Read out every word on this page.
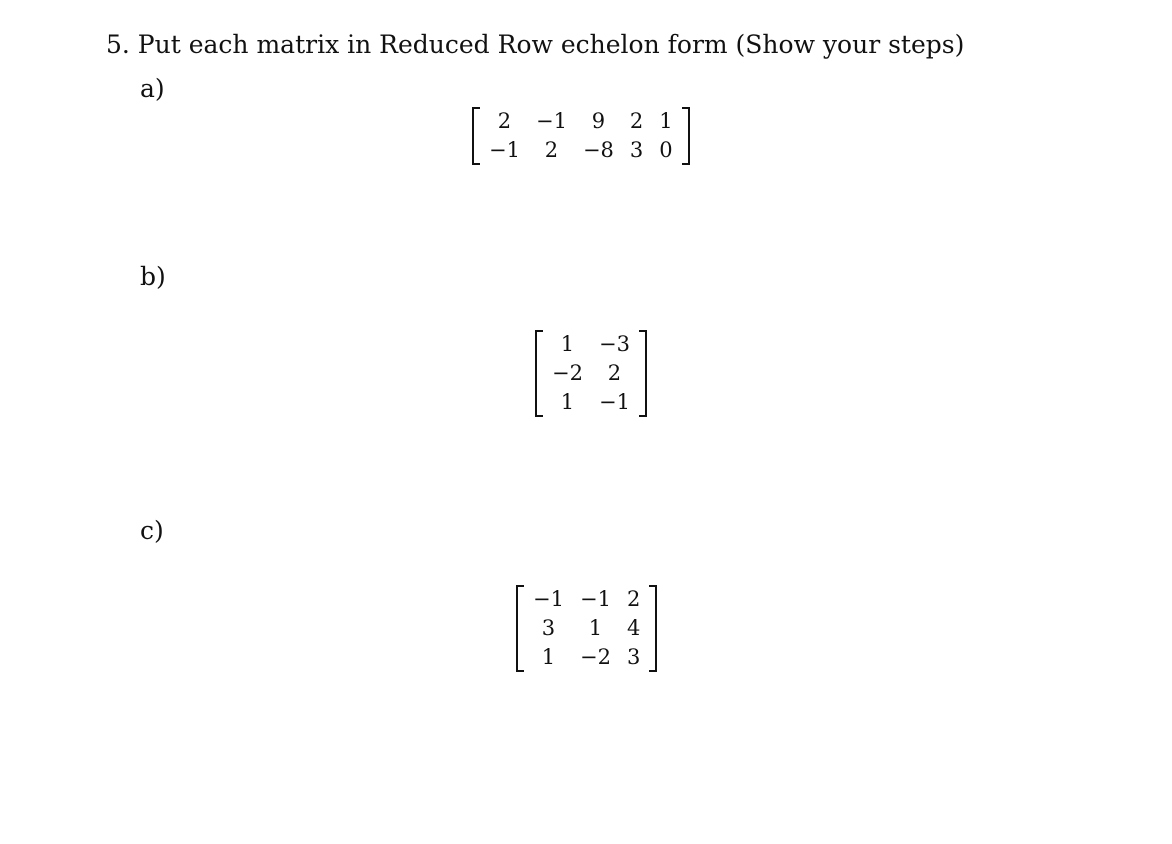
5. Put each matrix in Reduced Row echelon form (Show your steps)
a)
2	−1	9	2	1
−1	2	−8	3	0
b)
1	−3
−2	2
1	−1
c)
−1	−1	2
3	1	4
1	−2	3
